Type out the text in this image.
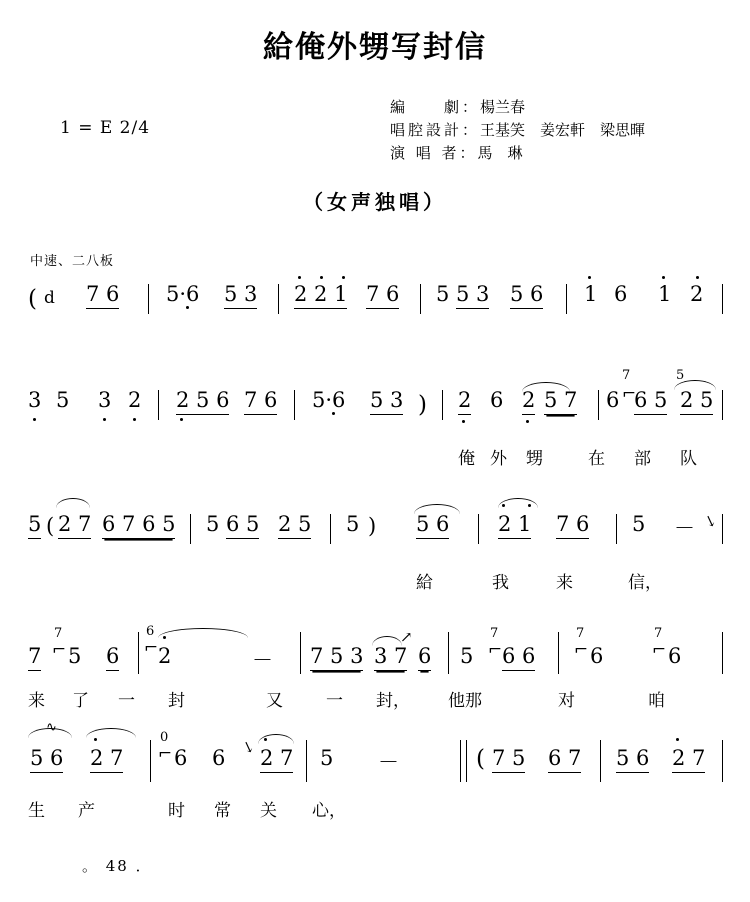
給俺外甥写封信
1 = E 2/4
編　　劇：楊兰春
唱腔設計：王基笑　姜宏軒　梁思暉
演 唱 者：馬　琳
（女声独唱）
中速、二八板
( d 7 6 5·6 5 3 2 2 1 7 6 5 5 3 5 6 1 6 1 2
3 5 3 2 2 5 6 7 6 5·6 5 3 ) 2 6 2 5 7 6
7
⌐
6 5
5
2 5
俺 外 甥	在 部 队
5 ( 2 7 6 7 6 5 5 6 5 2 5 5 ) 5 6 2 1 7 6 5 － ↘
給	我	来	信，
7
7
⌐ 5 6
6
⌐ 2	－ 7 5 3 3 7
↗
6 5
7
⌐ 6 6
7
⌐ 6
7
⌐ 6
来 了 一 封	又	一 封， 他那	对	咱
∿
5 6 2 7
0
⌐ 6 6 ↘ 2 7 5 －	( 7 5 6 7 5 6 2 7
生 产	时 常 关 心，
。 48 ．
